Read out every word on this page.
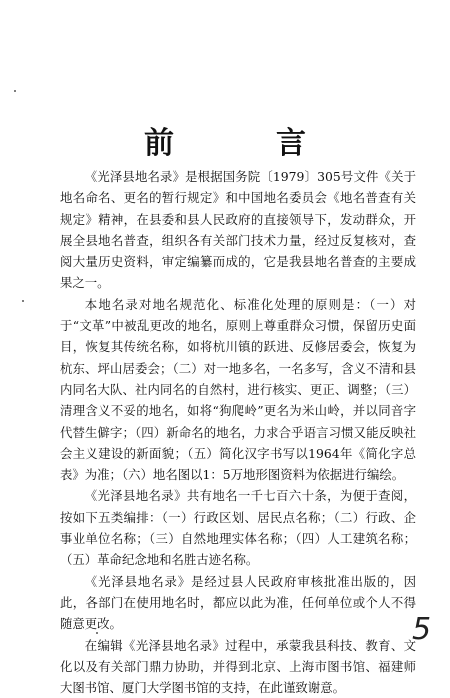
前　言

《光泽县地名录》是根据国务院〔1979〕305号文件《关于地名命名、更名的暂行规定》和中国地名委员会《地名普查有关规定》精神，在县委和县人民政府的直接领导下，发动群众，开展全县地名普查，组织各有关部门技术力量，经过反复核对，查阅大量历史资料，审定编纂而成的，它是我县地名普查的主要成果之一。

本地名录对地名规范化、标准化处理的原则是：（一）对于“文革”中被乱更改的地名，原则上尊重群众习惯，保留历史面目，恢复其传统名称，如将杭川镇的跃进、反修居委会，恢复为杭东、坪山居委会；（二）对一地多名，一名多写，含义不清和县内同名大队、社内同名的自然村，进行核实、更正、调整；（三）清理含义不妥的地名，如将“狗爬岭”更名为米山岭，并以同音字代替生僻字；（四）新命名的地名，力求合乎语言习惯又能反映社会主义建设的新面貌；（五）简化汉字书写以1964年《简化字总表》为准；（六）地名图以1：5万地形图资料为依据进行编绘。

《光泽县地名录》共有地名一千七百六十条，为便于查阅，按如下五类编排：（一）行政区划、居民点名称；（二）行政、企事业单位名称；（三）自然地理实体名称；（四）人工建筑名称；（五）革命纪念地和名胜古迹名称。

《光泽县地名录》是经过县人民政府审核批准出版的，因此，各部门在使用地名时，都应以此为准，任何单位或个人不得随意更改。

在编辑《光泽县地名录》过程中，承蒙我县科技、教育、文化以及有关部门鼎力协助，并得到北京、上海市图书馆、福建师大图书馆、厦门大学图书馆的支持，在此谨致谢意。

5
